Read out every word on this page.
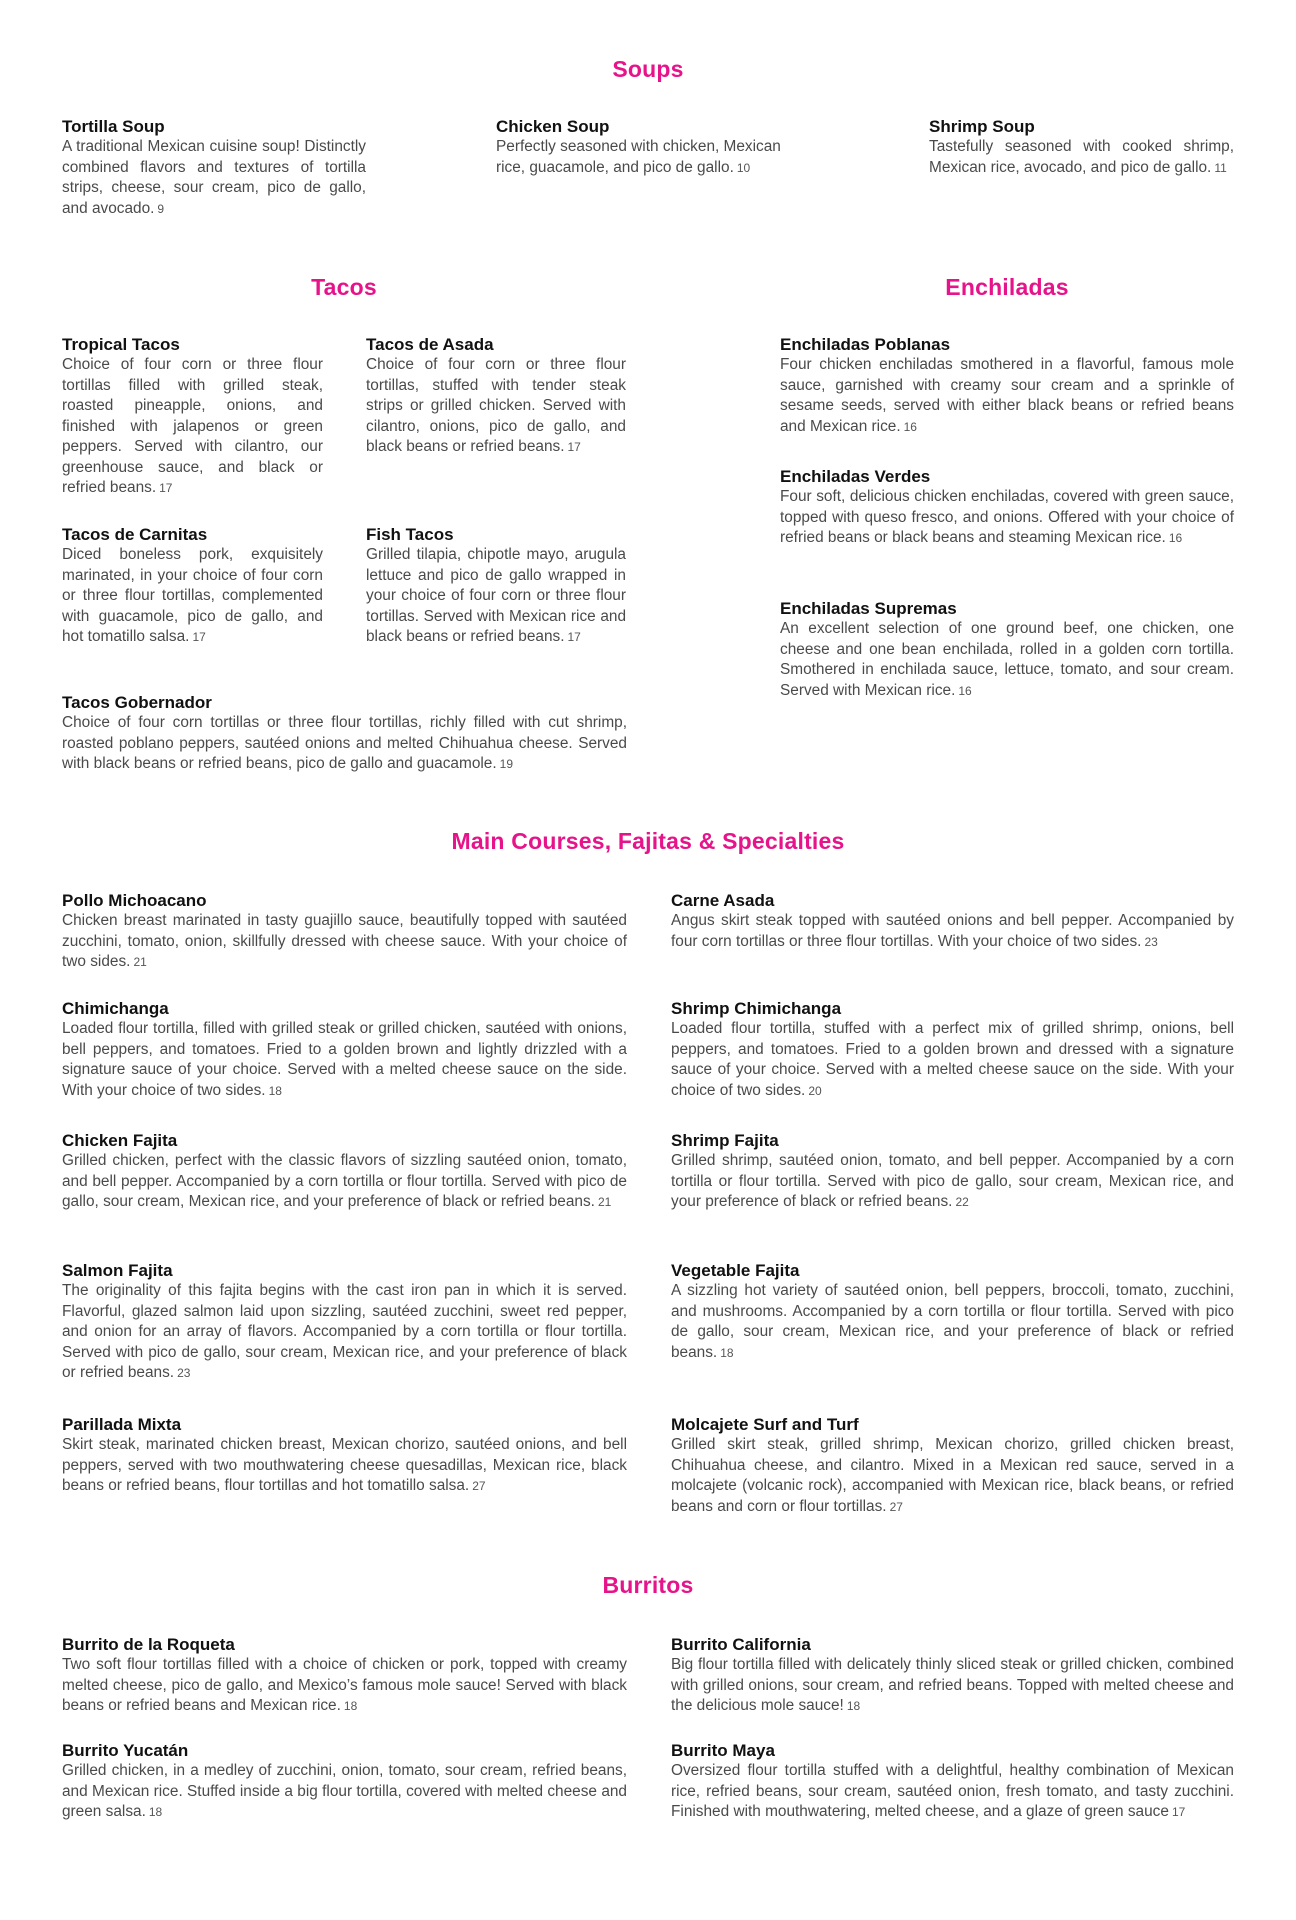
Soups

Tortilla Soup

A traditional Mexican cuisine soup! Distinctly combined flavors and textures of tortilla strips, cheese, sour cream, pico de gallo, and avocado. 9

Chicken Soup

Perfectly seasoned with chicken, Mexican rice, guacamole, and pico de gallo. 10

Shrimp Soup

Tastefully seasoned with cooked shrimp, Mexican rice, avocado, and pico de gallo. 11

Tacos

Tropical Tacos

Choice of four corn or three flour tortillas filled with grilled steak, roasted pineapple, onions, and finished with jalapenos or green peppers. Served with cilantro, our greenhouse sauce, and black or refried beans. 17

Tacos de Asada

Choice of four corn or three flour tortillas, stuffed with tender steak strips or grilled chicken. Served with cilantro, onions, pico de gallo, and black beans or refried beans. 17

Tacos de Carnitas

Diced boneless pork, exquisitely marinated, in your choice of four corn or three flour tortillas, complemented with guacamole, pico de gallo, and hot tomatillo salsa. 17

Fish Tacos

Grilled tilapia, chipotle mayo, arugula lettuce and pico de gallo wrapped in your choice of four corn or three flour tortillas. Served with Mexican rice and black beans or refried beans. 17

Tacos Gobernador

Choice of four corn tortillas or three flour tortillas, richly filled with cut shrimp, roasted poblano peppers, sautéed onions and melted Chihuahua cheese. Served with black beans or refried beans, pico de gallo and guacamole. 19

Enchiladas

Enchiladas Poblanas

Four chicken enchiladas smothered in a flavorful, famous mole sauce, garnished with creamy sour cream and a sprinkle of sesame seeds, served with either black beans or refried beans and Mexican rice. 16

Enchiladas Verdes

Four soft, delicious chicken enchiladas, covered with green sauce, topped with queso fresco, and onions. Offered with your choice of refried beans or black beans and steaming Mexican rice. 16

Enchiladas Supremas

An excellent selection of one ground beef, one chicken, one cheese and one bean enchilada, rolled in a golden corn tortilla. Smothered in enchilada sauce, lettuce, tomato, and sour cream. Served with Mexican rice. 16

Main Courses, Fajitas & Specialties

Pollo Michoacano

Chicken breast marinated in tasty guajillo sauce, beautifully topped with sautéed zucchini, tomato, onion, skillfully dressed with cheese sauce. With your choice of two sides. 21

Carne Asada

Angus skirt steak topped with sautéed onions and bell pepper. Accompanied by four corn tortillas or three flour tortillas. With your choice of two sides. 23

Chimichanga

Loaded flour tortilla, filled with grilled steak or grilled chicken, sautéed with onions, bell peppers, and tomatoes. Fried to a golden brown and lightly drizzled with a signature sauce of your choice. Served with a melted cheese sauce on the side. With your choice of two sides. 18

Shrimp Chimichanga

Loaded flour tortilla, stuffed with a perfect mix of grilled shrimp, onions, bell peppers, and tomatoes. Fried to a golden brown and dressed with a signature sauce of your choice. Served with a melted cheese sauce on the side. With your choice of two sides. 20

Chicken Fajita

Grilled chicken, perfect with the classic flavors of sizzling sautéed onion, tomato, and bell pepper. Accompanied by a corn tortilla or flour tortilla. Served with pico de gallo, sour cream, Mexican rice, and your preference of black or refried beans. 21

Shrimp Fajita

Grilled shrimp, sautéed onion, tomato, and bell pepper. Accompanied by a corn tortilla or flour tortilla. Served with pico de gallo, sour cream, Mexican rice, and your preference of black or refried beans. 22

Salmon Fajita

The originality of this fajita begins with the cast iron pan in which it is served. Flavorful, glazed salmon laid upon sizzling, sautéed zucchini, sweet red pepper, and onion for an array of flavors. Accompanied by a corn tortilla or flour tortilla. Served with pico de gallo, sour cream, Mexican rice, and your preference of black or refried beans. 23

Vegetable Fajita

A sizzling hot variety of sautéed onion, bell peppers, broccoli, tomato, zucchini, and mushrooms. Accompanied by a corn tortilla or flour tortilla. Served with pico de gallo, sour cream, Mexican rice, and your preference of black or refried beans. 18

Parillada Mixta

Skirt steak, marinated chicken breast, Mexican chorizo, sautéed onions, and bell peppers, served with two mouthwatering cheese quesadillas, Mexican rice, black beans or refried beans, flour tortillas and hot tomatillo salsa. 27

Molcajete Surf and Turf

Grilled skirt steak, grilled shrimp, Mexican chorizo, grilled chicken breast, Chihuahua cheese, and cilantro. Mixed in a Mexican red sauce, served in a molcajete (volcanic rock), accompanied with Mexican rice, black beans, or refried beans and corn or flour tortillas. 27

Burritos

Burrito de la Roqueta

Two soft flour tortillas filled with a choice of chicken or pork, topped with creamy melted cheese, pico de gallo, and Mexico’s famous mole sauce! Served with black beans or refried beans and Mexican rice. 18

Burrito California

Big flour tortilla filled with delicately thinly sliced steak or grilled chicken, combined with grilled onions, sour cream, and refried beans. Topped with melted cheese and the delicious mole sauce! 18

Burrito Yucatán

Grilled chicken, in a medley of zucchini, onion, tomato, sour cream, refried beans, and Mexican rice. Stuffed inside a big flour tortilla, covered with melted cheese and green salsa. 18

Burrito Maya

Oversized flour tortilla stuffed with a delightful, healthy combination of Mexican rice, refried beans, sour cream, sautéed onion, fresh tomato, and tasty zucchini. Finished with mouthwatering, melted cheese, and a glaze of green sauce 17
